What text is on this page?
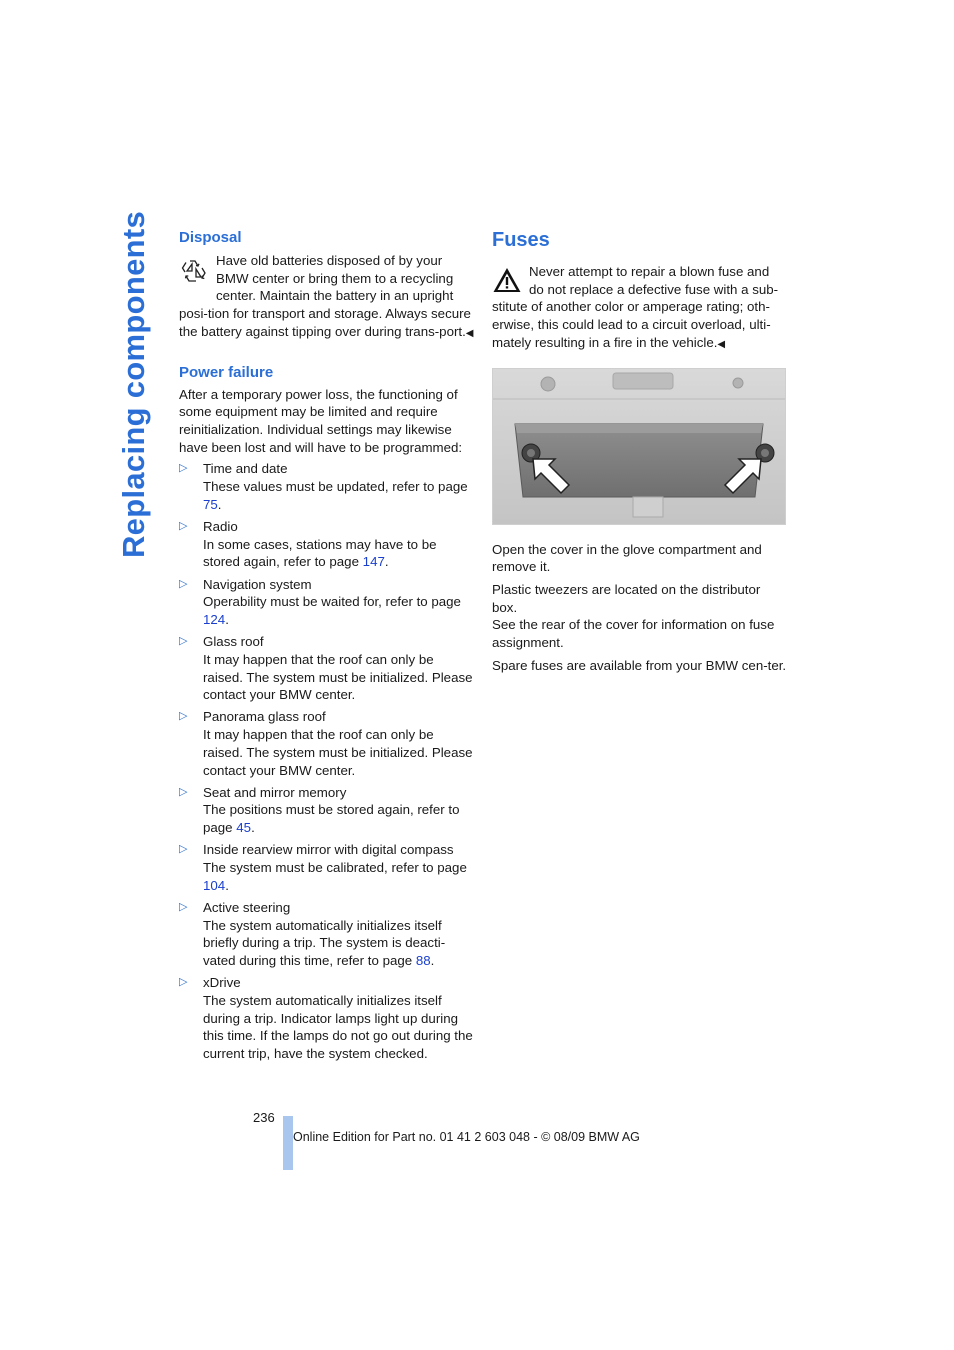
Replacing components Disposal

Have old batteries disposed of by your BMW center or bring them to a recycling center. Maintain the battery in an upright posi-tion for transport and storage. Always secure the battery against tipping over during trans-port.◀

Power failure

After a temporary power loss, the functioning of some equipment may be limited and require reinitialization. Individual settings may likewise have been lost and will have to be programmed:

▷ Time and date
These values must be updated, refer to page 75.
▷ Radio
In some cases, stations may have to be stored again, refer to page 147.
▷ Navigation system
Operability must be waited for, refer to page 124.
▷ Glass roof
It may happen that the roof can only be raised. The system must be initialized. Please contact your BMW center.
▷ Panorama glass roof
It may happen that the roof can only be raised. The system must be initialized. Please contact your BMW center.
▷ Seat and mirror memory
The positions must be stored again, refer to page 45.
▷ Inside rearview mirror with digital compass
The system must be calibrated, refer to page 104.
▷ Active steering
The system automatically initializes itself briefly during a trip. The system is deacti-vated during this time, refer to page 88.
▷ xDrive
The system automatically initializes itself during a trip. Indicator lamps light up during this time. If the lamps do not go out during the current trip, have the system checked.
Fuses

Never attempt to repair a blown fuse and do not replace a defective fuse with a sub-stitute of another color or amperage rating; oth-erwise, this could lead to a circuit overload, ulti-mately resulting in a fire in the vehicle.◀

Open the cover in the glove compartment and remove it.

Plastic tweezers are located on the distributor box.

See the rear of the cover for information on fuse assignment.

Spare fuses are available from your BMW cen-ter.

236
Online Edition for Part no. 01 41 2 603 048 - © 08/09 BMW AG
